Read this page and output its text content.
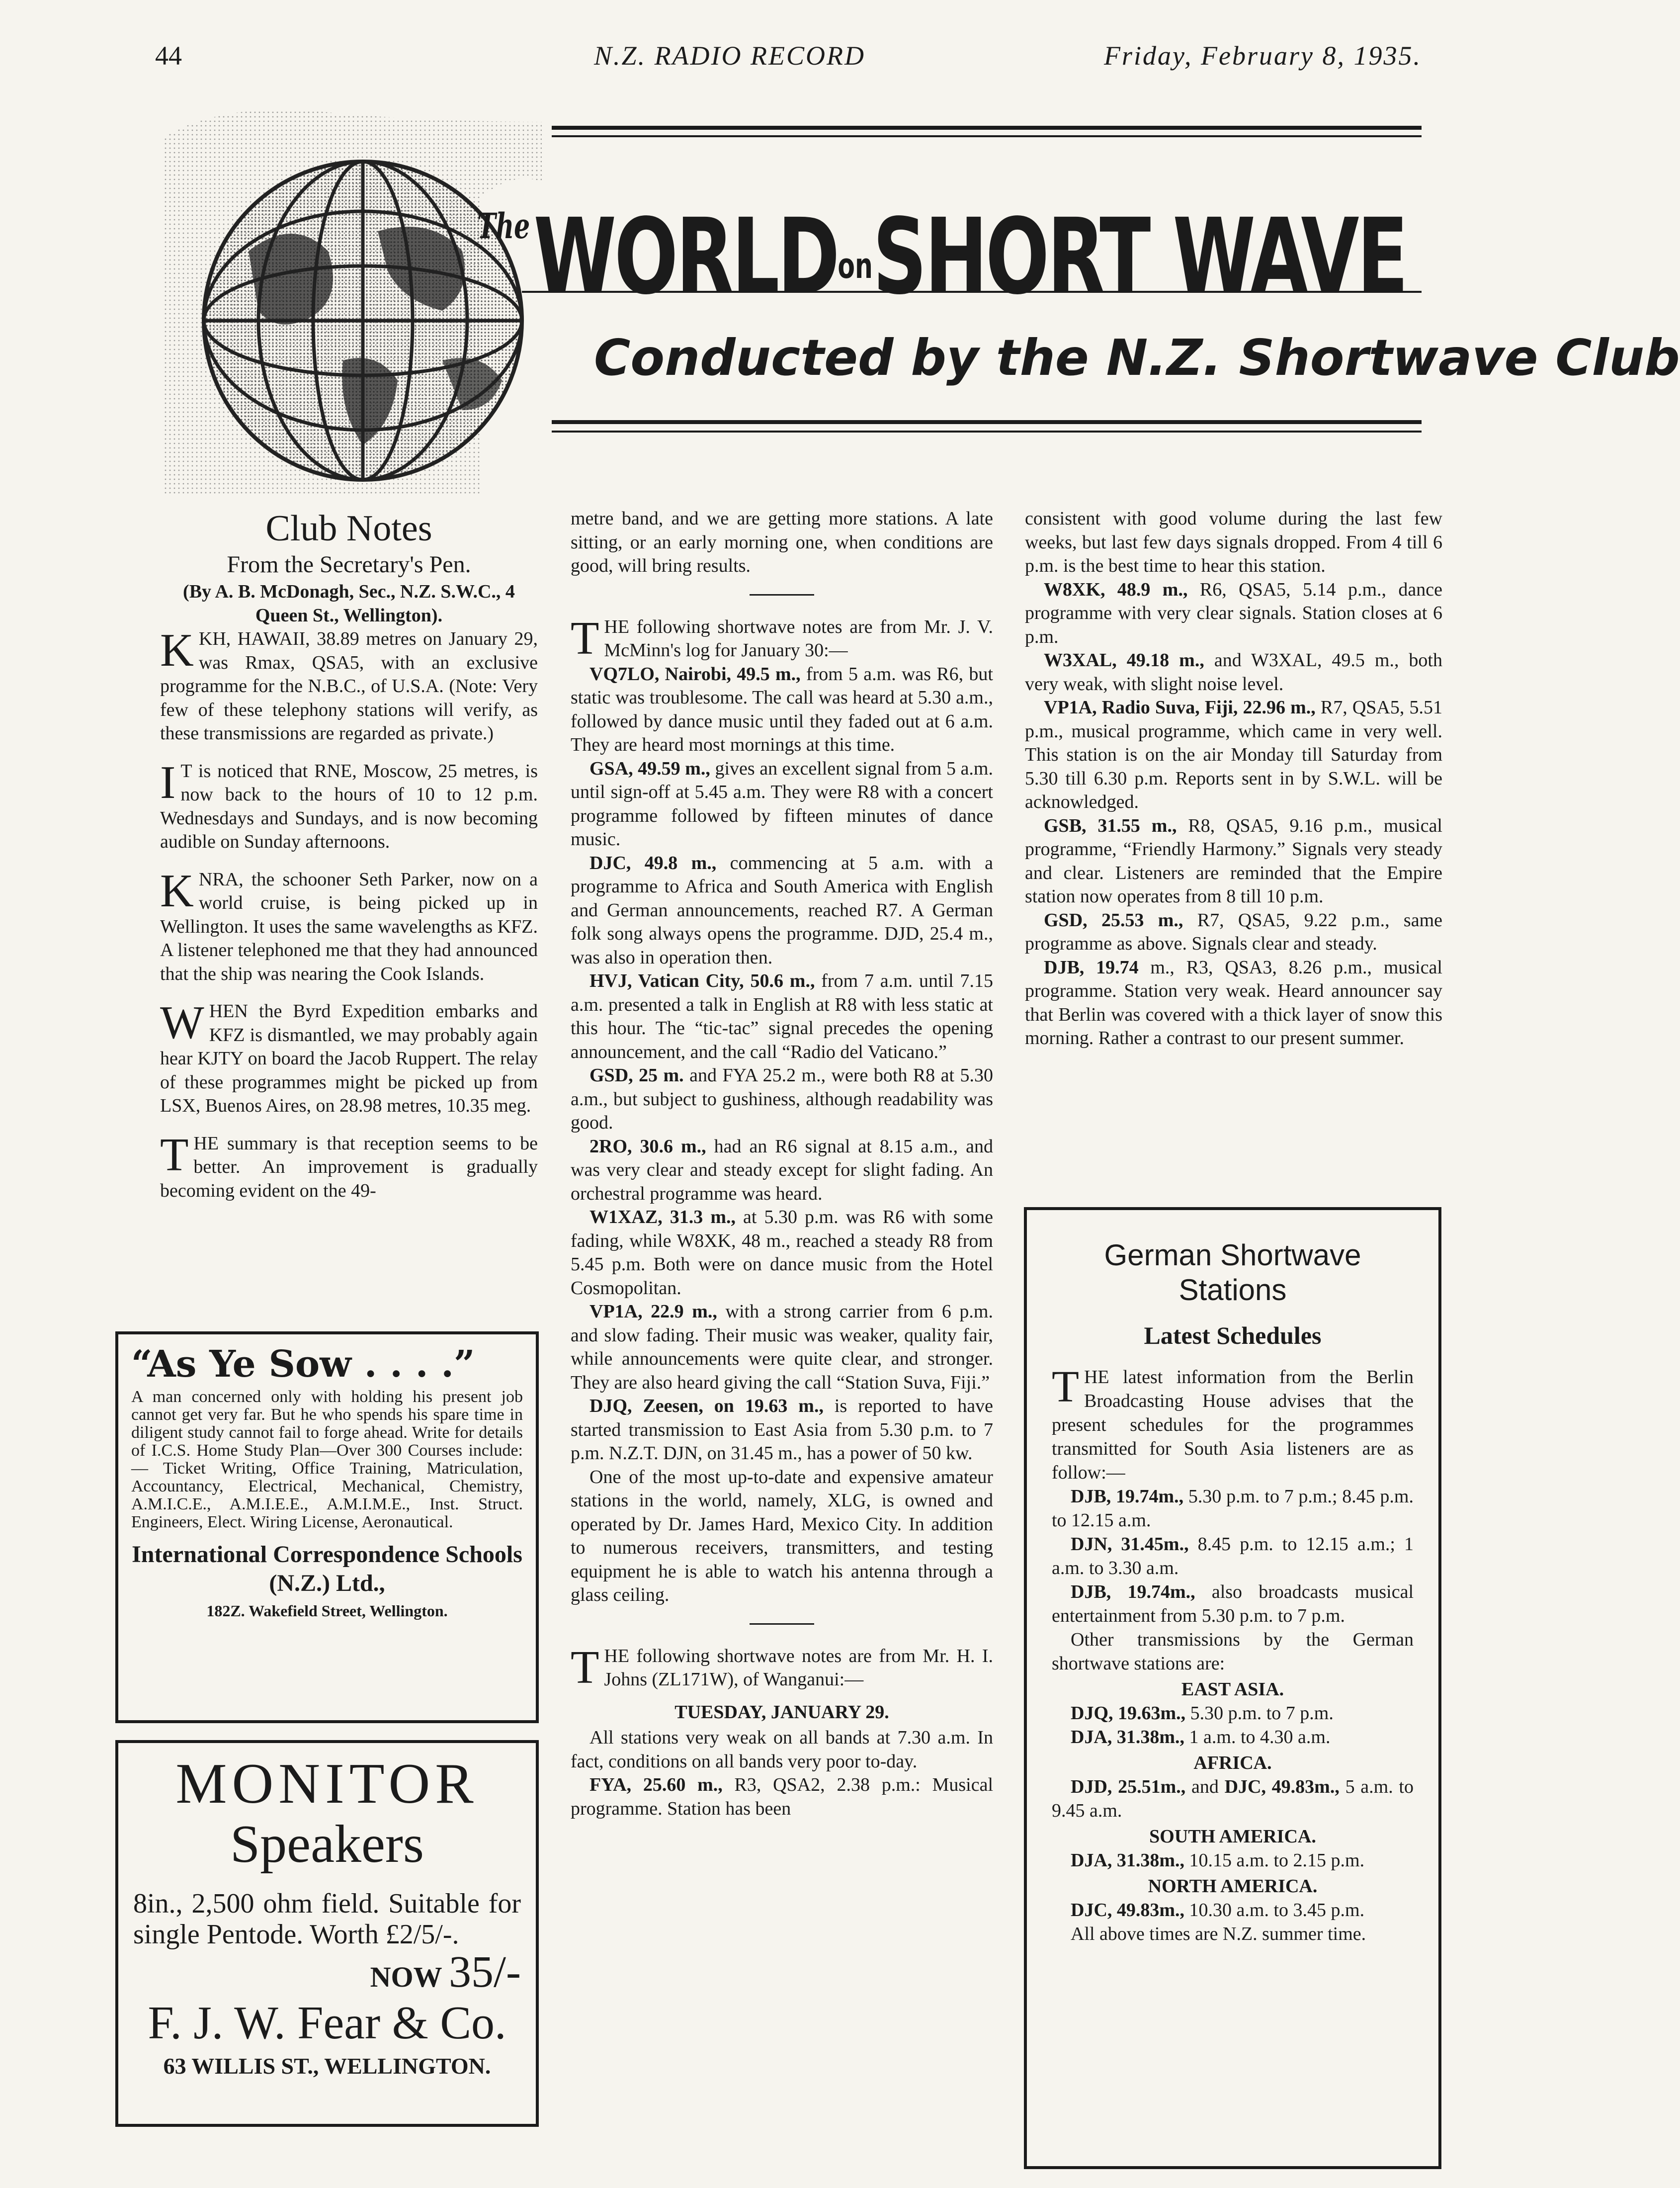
44	N.Z. RADIO RECORD	Friday, February 8, 1935.
$^{The}$WORLDonSHORT WAVE
Conducted by the N.Z. Shortwave Club

Club Notes

From the Secretary's Pen.

(By A. B. McDonagh, Sec., N.Z. S.W.C., 4 Queen St., Wellington).

KKH, HAWAII, 38.89 metres on January 29, was Rmax, QSA5, with an exclusive programme for the N.B.C., of U.S.A. (Note: Very few of these telephony stations will verify, as these transmissions are regarded as private.)

I T is noticed that RNE, Moscow, 25 metres, is now back to the hours of 10 to 12 p.m. Wednesdays and Sundays, and is now becoming audible on Sunday afternoons.

KNRA, the schooner Seth Parker, now on a world cruise, is being picked up in Wellington. It uses the same wavelengths as KFZ. A listener telephoned me that they had announced that the ship was nearing the Cook Islands.

WHEN the Byrd Expedition embarks and KFZ is dismantled, we may probably again hear KJTY on board the Jacob Ruppert. The relay of these programmes might be picked up from LSX, Buenos Aires, on 28.98 metres, 10.35 meg.

THE summary is that reception seems to be better. An improvement is gradually becoming evident on the 49-

“As Ye Sow . . . .”
A man concerned only with holding his present job cannot get very far. But he who spends his spare time in diligent study cannot fail to forge ahead. Write for details of I.C.S. Home Study Plan—Over 300 Courses include:— Ticket Writing, Office Training, Matriculation, Accountancy, Electrical, Mechanical, Chemistry, A.M.I.C.E., A.M.I.E.E., A.M.I.M.E., Inst. Struct. Engineers, Elect. Wiring License, Aeronautical.
International Correspondence Schools (N.Z.) Ltd.,
182Z. Wakefield Street, Wellington.
MONITOR
Speakers
8in., 2,500 ohm field. Suitable for single Pentode. Worth £2/5/-.
NOW 35/-
F. J. W. Fear & Co.
63 WILLIS ST., WELLINGTON.

metre band, and we are getting more stations. A late sitting, or an early morning one, when conditions are good, will bring results.

THE following shortwave notes are from Mr. J. V. McMinn's log for January 30:—

VQ7LO, Nairobi, 49.5 m., from 5 a.m. was R6, but static was troublesome. The call was heard at 5.30 a.m., followed by dance music until they faded out at 6 a.m. They are heard most mornings at this time.

GSA, 49.59 m., gives an excellent signal from 5 a.m. until sign-off at 5.45 a.m. They were R8 with a concert programme followed by fifteen minutes of dance music.

DJC, 49.8 m., commencing at 5 a.m. with a programme to Africa and South America with English and German announcements, reached R7. A German folk song always opens the programme. DJD, 25.4 m., was also in operation then.

HVJ, Vatican City, 50.6 m., from 7 a.m. until 7.15 a.m. presented a talk in English at R8 with less static at this hour. The “tic-tac” signal precedes the opening announcement, and the call “Radio del Vaticano.”

GSD, 25 m. and FYA 25.2 m., were both R8 at 5.30 a.m., but subject to gushiness, although readability was good.

2RO, 30.6 m., had an R6 signal at 8.15 a.m., and was very clear and steady except for slight fading. An orchestral programme was heard.

W1XAZ, 31.3 m., at 5.30 p.m. was R6 with some fading, while W8XK, 48 m., reached a steady R8 from 5.45 p.m. Both were on dance music from the Hotel Cosmopolitan.

VP1A, 22.9 m., with a strong carrier from 6 p.m. and slow fading. Their music was weaker, quality fair, while announcements were quite clear, and stronger. They are also heard giving the call “Station Suva, Fiji.”

DJQ, Zeesen, on 19.63 m., is reported to have started transmission to East Asia from 5.30 p.m. to 7 p.m. N.Z.T. DJN, on 31.45 m., has a power of 50 kw.

One of the most up-to-date and expensive amateur stations in the world, namely, XLG, is owned and operated by Dr. James Hard, Mexico City. In addition to numerous receivers, transmitters, and testing equipment he is able to watch his antenna through a glass ceiling.

THE following shortwave notes are from Mr. H. I. Johns (ZL171W), of Wanganui:—

TUESDAY, JANUARY 29.

All stations very weak on all bands at 7.30 a.m. In fact, conditions on all bands very poor to-day.

FYA, 25.60 m., R3, QSA2, 2.38 p.m.: Musical programme. Station has been

consistent with good volume during the last few weeks, but last few days signals dropped. From 4 till 6 p.m. is the best time to hear this station.

W8XK, 48.9 m., R6, QSA5, 5.14 p.m., dance programme with very clear signals. Station closes at 6 p.m.

W3XAL, 49.18 m., and W3XAL, 49.5 m., both very weak, with slight noise level.

VP1A, Radio Suva, Fiji, 22.96 m., R7, QSA5, 5.51 p.m., musical programme, which came in very well. This station is on the air Monday till Saturday from 5.30 till 6.30 p.m. Reports sent in by S.W.L. will be acknowledged.

GSB, 31.55 m., R8, QSA5, 9.16 p.m., musical programme, “Friendly Harmony.” Signals very steady and clear. Listeners are reminded that the Empire station now operates from 8 till 10 p.m.

GSD, 25.53 m., R7, QSA5, 9.22 p.m., same programme as above. Signals clear and steady.

DJB, 19.74 m., R3, QSA3, 8.26 p.m., musical programme. Station very weak. Heard announcer say that Berlin was covered with a thick layer of snow this morning. Rather a contrast to our present summer.

German Shortwave Stations
Latest Schedules

THE latest information from the Berlin Broadcasting House advises that the present schedules for the programmes transmitted for South Asia listeners are as follow:—

DJB, 19.74m., 5.30 p.m. to 7 p.m.; 8.45 p.m. to 12.15 a.m.

DJN, 31.45m., 8.45 p.m. to 12.15 a.m.; 1 a.m. to 3.30 a.m.

DJB, 19.74m., also broadcasts musical entertainment from 5.30 p.m. to 7 p.m.

Other transmissions by the German shortwave stations are:

EAST ASIA.

DJQ, 19.63m., 5.30 p.m. to 7 p.m.

DJA, 31.38m., 1 a.m. to 4.30 a.m.

AFRICA.

DJD, 25.51m., and DJC, 49.83m., 5 a.m. to 9.45 a.m.

SOUTH AMERICA.

DJA, 31.38m., 10.15 a.m. to 2.15 p.m.

NORTH AMERICA.

DJC, 49.83m., 10.30 a.m. to 3.45 p.m.

All above times are N.Z. summer time.
